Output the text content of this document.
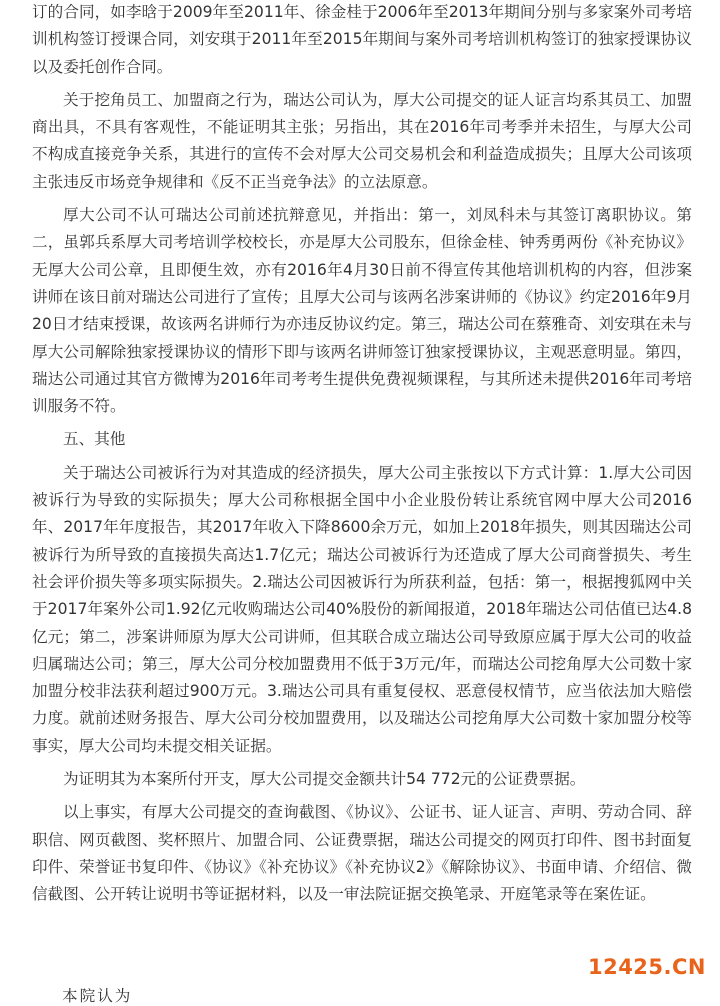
订的合同，如李晗于2009年至2011年、徐金桂于2006年至2013年期间分别与多家案外司考培训机构签订授课合同，刘安琪于2011年至2015年期间与案外司考培训机构签订的独家授课协议以及委托创作合同。

关于挖角员工、加盟商之行为，瑞达公司认为，厚大公司提交的证人证言均系其员工、加盟商出具，不具有客观性，不能证明其主张；另指出，其在2016年司考季并未招生，与厚大公司不构成直接竞争关系，其进行的宣传不会对厚大公司交易机会和利益造成损失；且厚大公司该项主张违反市场竞争规律和《反不正当竞争法》的立法原意。

厚大公司不认可瑞达公司前述抗辩意见，并指出：第一，刘凤科未与其签订离职协议。第二，虽郭兵系厚大司考培训学校校长，亦是厚大公司股东，但徐金桂、钟秀勇两份《补充协议》无厚大公司公章，且即便生效，亦有2016年4月30日前不得宣传其他培训机构的内容，但涉案讲师在该日前对瑞达公司进行了宣传；且厚大公司与该两名涉案讲师的《协议》约定2016年9月20日才结束授课，故该两名讲师行为亦违反协议约定。第三，瑞达公司在蔡雅奇、刘安琪在未与厚大公司解除独家授课协议的情形下即与该两名讲师签订独家授课协议，主观恶意明显。第四，瑞达公司通过其官方微博为2016年司考考生提供免费视频课程，与其所述未提供2016年司考培训服务不符。

五、其他

关于瑞达公司被诉行为对其造成的经济损失，厚大公司主张按以下方式计算：1.厚大公司因被诉行为导致的实际损失；厚大公司称根据全国中小企业股份转让系统官网中厚大公司2016年、2017年年度报告，其2017年收入下降8600余万元，如加上2018年损失，则其因瑞达公司被诉行为所导致的直接损失高达1.7亿元；瑞达公司被诉行为还造成了厚大公司商誉损失、考生社会评价损失等多项实际损失。2.瑞达公司因被诉行为所获利益，包括：第一，根据搜狐网中关于2017年案外公司1.92亿元收购瑞达公司40%股份的新闻报道，2018年瑞达公司估值已达4.8亿元；第二，涉案讲师原为厚大公司讲师，但其联合成立瑞达公司导致原应属于厚大公司的收益归属瑞达公司；第三，厚大公司分校加盟费用不低于3万元/年，而瑞达公司挖角厚大公司数十家加盟分校非法获利超过900万元。3.瑞达公司具有重复侵权、恶意侵权情节，应当依法加大赔偿力度。就前述财务报告、厚大公司分校加盟费用，以及瑞达公司挖角厚大公司数十家加盟分校等事实，厚大公司均未提交相关证据。

为证明其为本案所付开支，厚大公司提交金额共计54 772元的公证费票据。

以上事实，有厚大公司提交的查询截图、《协议》、公证书、证人证言、声明、劳动合同、辞职信、网页截图、奖杯照片、加盟合同、公证费票据，瑞达公司提交的网页打印件、图书封面复印件、荣誉证书复印件、《协议》《补充协议》《补充协议2》《解除协议》、书面申请、介绍信、微信截图、公开转让说明书等证据材料，以及一审法院证据交换笔录、开庭笔录等在案佐证。

本院认为
12425.CN
